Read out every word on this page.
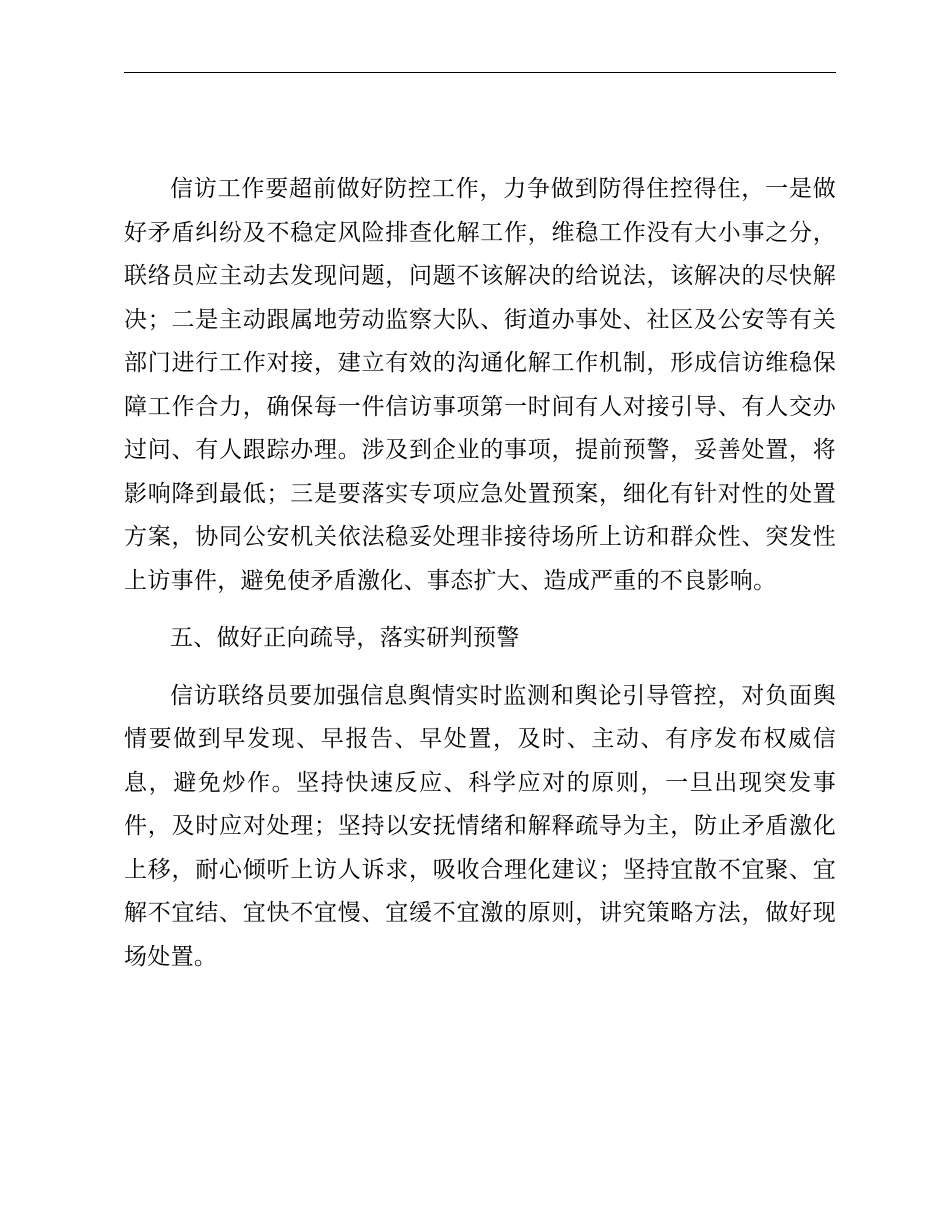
信访工作要超前做好防控工作，力争做到防得住控得住，一是做好矛盾纠纷及不稳定风险排查化解工作，维稳工作没有大小事之分，联络员应主动去发现问题，问题不该解决的给说法，该解决的尽快解决；二是主动跟属地劳动监察大队、街道办事处、社区及公安等有关部门进行工作对接，建立有效的沟通化解工作机制，形成信访维稳保障工作合力，确保每一件信访事项第一时间有人对接引导、有人交办过问、有人跟踪办理。涉及到企业的事项，提前预警，妥善处置，将影响降到最低；三是要落实专项应急处置预案，细化有针对性的处置方案，协同公安机关依法稳妥处理非接待场所上访和群众性、突发性上访事件，避免使矛盾激化、事态扩大、造成严重的不良影响。

五、做好正向疏导，落实研判预警

信访联络员要加强信息舆情实时监测和舆论引导管控，对负面舆情要做到早发现、早报告、早处置，及时、主动、有序发布权威信息，避免炒作。坚持快速反应、科学应对的原则，一旦出现突发事件，及时应对处理；坚持以安抚情绪和解释疏导为主，防止矛盾激化上移，耐心倾听上访人诉求，吸收合理化建议；坚持宜散不宜聚、宜解不宜结、宜快不宜慢、宜缓不宜激的原则，讲究策略方法，做好现场处置。
